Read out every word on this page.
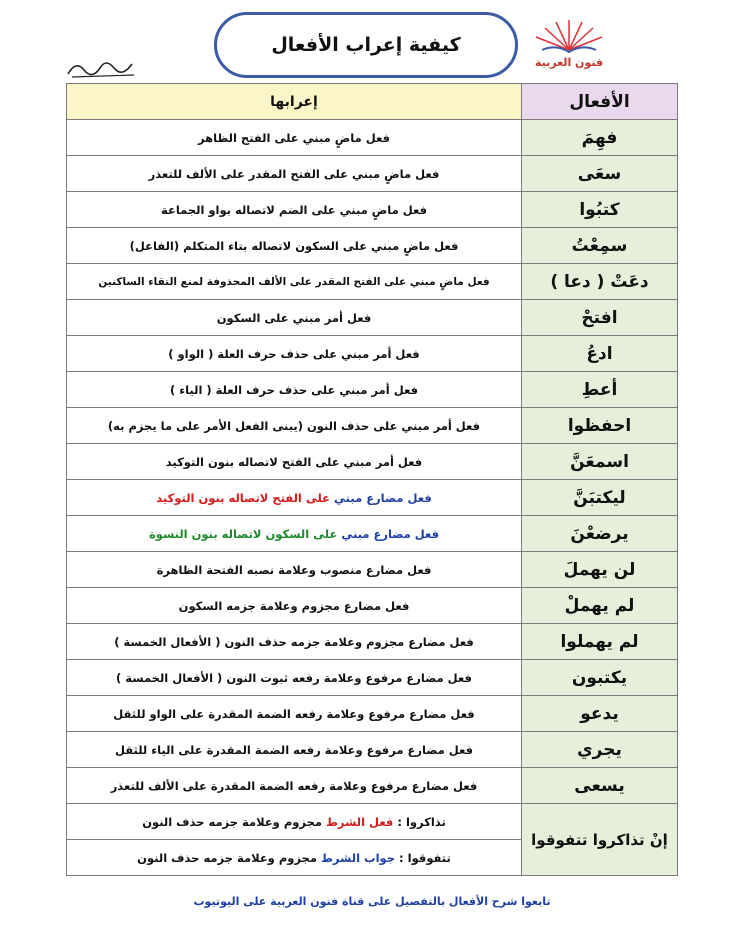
فنون العربية
كيفية إعراب الأفعال
الأفعال	إعرابها
فهِمَ	فعل ماضٍ مبني على الفتح الظاهر
سعَى	فعل ماضٍ مبني على الفتح المقدر على الألف للتعذر
كتبُوا	فعل ماضٍ مبني على الضم لاتصاله بواو الجماعة
سمِعْتُ	فعل ماضٍ مبني على السكون لاتصاله بتاء المتكلم (الفاعل)
دعَتْ ( دعا )	فعل ماضٍ مبني على الفتح المقدر على الألف المحذوفة لمنع التقاء الساكنين
افتحْ	فعل أمر مبني على السكون
ادعُ	فعل أمر مبني على حذف حرف العلة ( الواو )
أعطِ	فعل أمر مبني على حذف حرف العلة ( الياء )
احفظوا	فعل أمر مبني على حذف النون (يبنى الفعل الأمر على ما يجزم به)
اسمعَنَّ	فعل أمر مبني على الفتح لاتصاله بنون التوكيد
ليكتبَنَّ	فعل مضارع مبني على الفتح لاتصاله بنون التوكيد
يرضعْنَ	فعل مضارع مبني على السكون لاتصاله بنون النسوة
لن يهملَ	فعل مضارع منصوب وعلامة نصبه الفتحة الظاهرة
لم يهملْ	فعل مضارع مجزوم وعلامة جزمه السكون
لم يهملوا	فعل مضارع مجزوم وعلامة جزمه حذف النون ( الأفعال الخمسة )
يكتبون	فعل مضارع مرفوع وعلامة رفعه ثبوت النون ( الأفعال الخمسة )
يدعو	فعل مضارع مرفوع وعلامة رفعه الضمة المقدرة على الواو للثقل
يجري	فعل مضارع مرفوع وعلامة رفعه الضمة المقدرة على الياء للثقل
يسعى	فعل مضارع مرفوع وعلامة رفعه الضمة المقدرة على الألف للتعذر
إنْ تذاكروا تتفوقوا	تذاكروا : فعل الشرط مجزوم وعلامة جزمه حذف النون
	تتفوقوا : جواب الشرط مجزوم وعلامة جزمه حذف النون
تابعوا شرح الأفعال بالتفصيل على قناة فنون العربية على اليوتيوب
